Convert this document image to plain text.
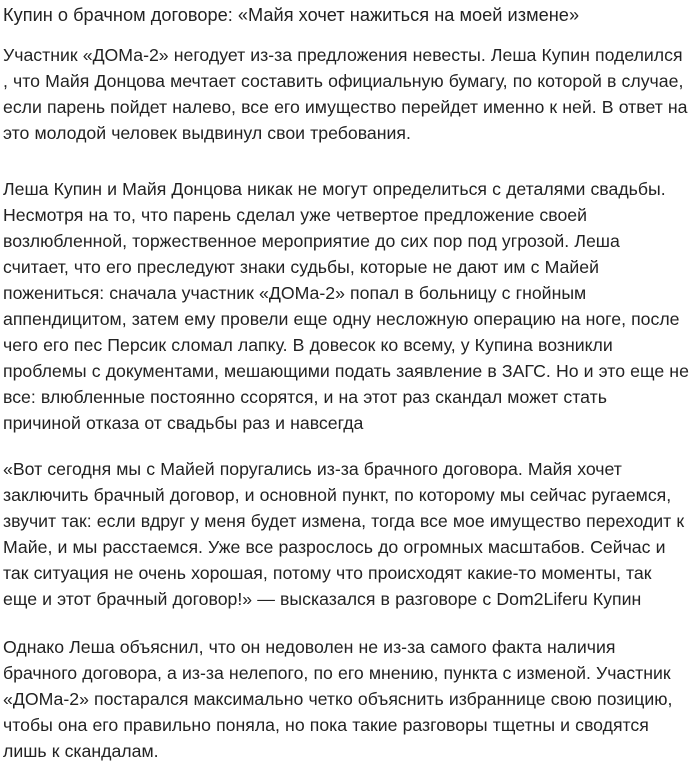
Купин о брачном договоре: «Майя хочет нажиться на моей измене»

Участник «ДОМа-2» негодует из-за предложения невесты. Леша Купин поделился
, что Майя Донцова мечтает составить официальную бумагу, по которой в случае,
если парень пойдет налево, все его имущество перейдет именно к ней. В ответ на
это молодой человек выдвинул свои требования.

Леша Купин и Майя Донцова никак не могут определиться с деталями свадьбы.
Несмотря на то, что парень сделал уже четвертое предложение своей
возлюбленной, торжественное мероприятие до сих пор под угрозой. Леша
считает, что его преследуют знаки судьбы, которые не дают им с Майей
пожениться: сначала участник «ДОМа-2» попал в больницу с гнойным
аппендицитом, затем ему провели еще одну несложную операцию на ноге, после
чего его пес Персик сломал лапку. В довесок ко всему, у Купина возникли
проблемы с документами, мешающими подать заявление в ЗАГС. Но и это еще не
все: влюбленные постоянно ссорятся, и на этот раз скандал может стать
причиной отказа от свадьбы раз и навсегда

«Вот сегодня мы с Майей поругались из-за брачного договора. Майя хочет
заключить брачный договор, и основной пункт, по которому мы сейчас ругаемся,
звучит так: если вдруг у меня будет измена, тогда все мое имущество переходит к
Майе, и мы расстаемся. Уже все разрослось до огромных масштабов. Сейчас и
так ситуация не очень хорошая, потому что происходят какие-то моменты, так
еще и этот брачный договор!» — высказался в разговоре с Dom2Liferu Купин

Однако Леша объяснил, что он недоволен не из-за самого факта наличия
брачного договора, а из-за нелепого, по его мнению, пункта с изменой. Участник
«ДОМа-2» постарался максимально четко объяснить избраннице свою позицию,
чтобы она его правильно поняла, но пока такие разговоры тщетны и сводятся
лишь к скандалам.
